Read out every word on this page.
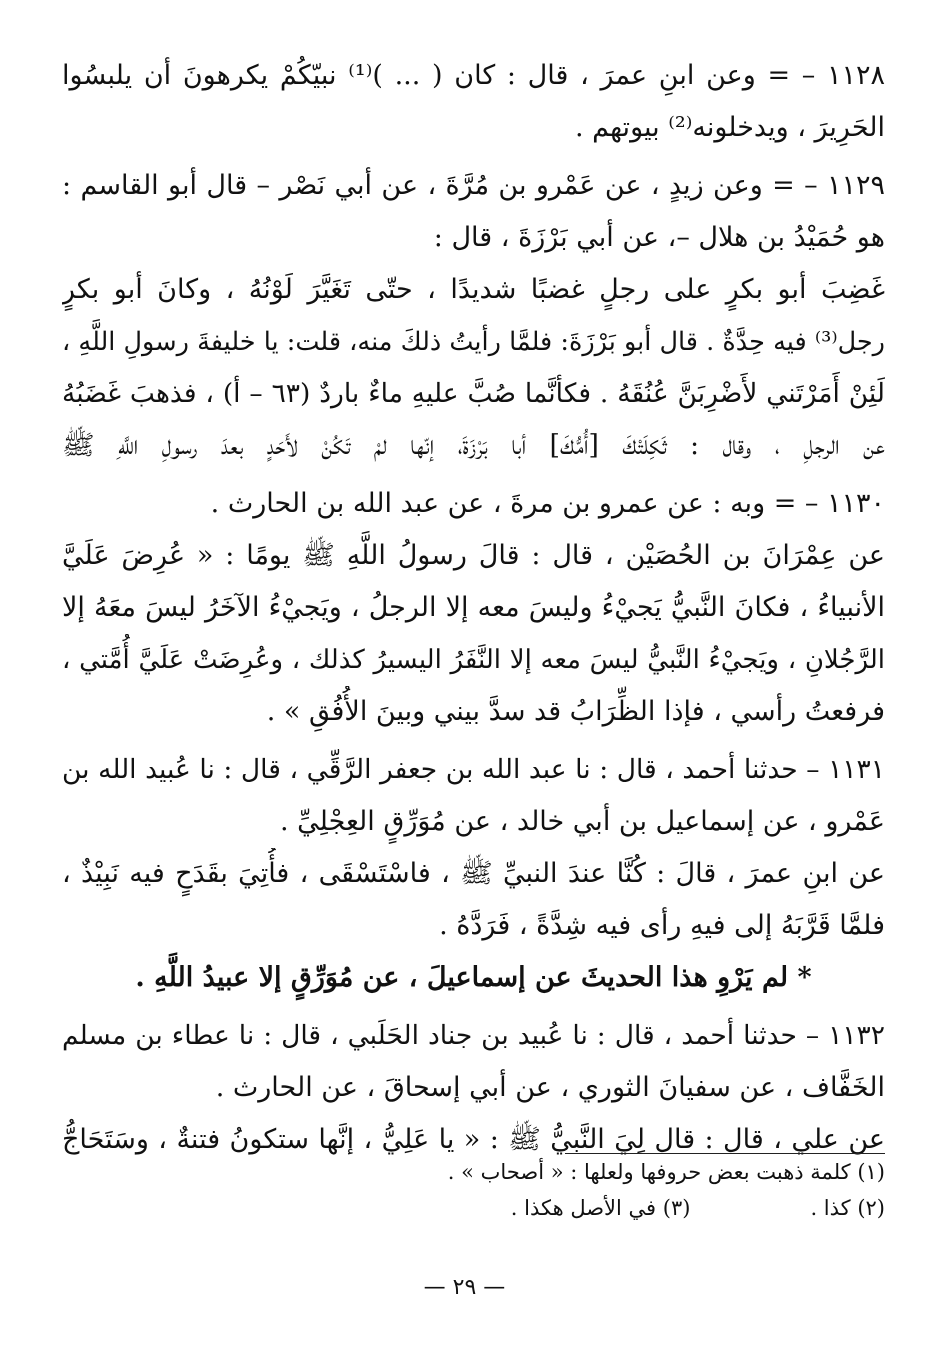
١١٢٨ – = وعن ابنِ عمرَ ، قال : كان ( ... )⁽¹⁾ نبيّكُمْ يكرهونَ أن يلبسُوا
الحَرِيرَ ، ويدخلونه⁽²⁾ بيوتهم .
١١٢٩ – = وعن زيدٍ ، عن عَمْرو بن مُرَّةَ ، عن أبي نَصْر – قال أبو القاسم :
هو حُمَيْدُ بن هلال –، عن أبي بَرْزَةَ ، قال :
غَضِبَ أبو بكرٍ على رجلٍ غضبًا شديدًا ، حتّى تَغَيَّرَ لَوْنُهُ ، وكانَ أبو بكرٍ
رجل⁽³⁾ فيه حِدَّةٌ . قال أبو بَرْزَةَ: فلمَّا رأيتُ ذلكَ منه، قلت: يا خليفةَ رسولِ اللَّهِ ،
لَئِنْ أَمَرْتَني لأَضْرِبَنَّ عُنُقَهُ . فكأنَّما صُبَّ عليهِ ماءٌ باردٌ (٦٣ – أ) ، فذهبَ غَضَبُهُ
عن الرجلِ ، وقال : ثَكِلَتْكَ [أُمُّكَ] أبا بَرْزَةَ، إنّها لمْ تَكُنْ لأَحَدٍ بعدَ رسولِ اللَّهِ ﷺ
١١٣٠ – = وبه : عن عمرو بن مرةَ ، عن عبد الله بن الحارث .
عن عِمْرَانَ بن الحُصَيْن ، قال : قالَ رسولُ اللَّهِ ﷺ يومًا : « عُرِضَ عَلَيَّ
الأنبياءُ ، فكانَ النَّبيُّ يَجيْءُ وليسَ معه إلا الرجلُ ، ويَجيْءُ الآخَرُ ليسَ معَهُ إلا
الرَّجُلانِ ، ويَجيْءُ النَّبيُّ ليسَ معه إلا النَّفَرُ اليسيرُ كذلك ، وعُرِضَتْ عَلَيَّ أُمَّتي ،
فرفعتُ رأسي ، فإذا الظِّرَابُ قد سدَّ بيني وبينَ الأُفُقِ » .
١١٣١ – حدثنا أحمد ، قال : نا عبد الله بن جعفر الرَّقِّي ، قال : نا عُبيد الله بن
عَمْرو ، عن إسماعيل بن أبي خالد ، عن مُوَرِّقٍ العِجْلِيِّ .
عن ابنِ عمرَ ، قالَ : كُنَّا عندَ النبيِّ ﷺ ، فاسْتَسْقَى ، فأُتِيَ بقَدَحٍ فيه نَبِيْذٌ ،
فلمَّا قَرَّبَهُ إلى فيهِ رأى فيه شِدَّةً ، فَرَدَّهُ .
* لم يَرْوِ هذا الحديثَ عن إسماعيلَ ، عن مُوَرِّقٍ إلا عبيدُ اللَّهِ .
١١٣٢ – حدثنا أحمد ، قال : نا عُبيد بن جناد الحَلَبي ، قال : نا عطاء بن مسلم
الخَفَّاف ، عن سفيانَ الثوري ، عن أبي إسحاقَ ، عن الحارث .
عن علي ، قال : قال لِيَ النَّبيُّ ﷺ : « يا عَلِيُّ ، إنَّها ستكونُ فتنةٌ ، وسَتَحَاجُّ
(١) كلمة ذهبت بعض حروفها ولعلها : « أصحاب » .
(٢) كذا .
(٣) في الأصل هكذا .
— ٢٩ —
